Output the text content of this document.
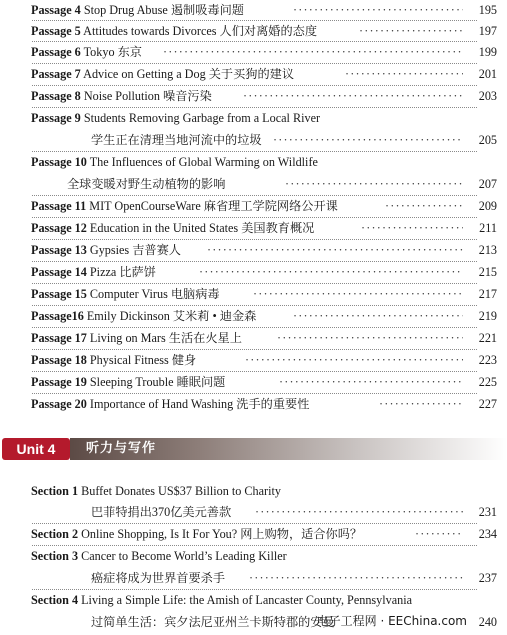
Passage 4 Stop Drug Abuse 遏制吸毒问题 ·····	195
Passage 5 Attitudes towards Divorces 人们对离婚的态度 ·····	197
Passage 6 Tokyo 东京 ·····	199
Passage 7 Advice on Getting a Dog 关于买狗的建议 ·····	201
Passage 8 Noise Pollution 噪音污染 ·····	203
Passage 9 Students Removing Garbage from a Local River
学生正在清理当地河流中的垃圾 ·····	205
Passage 10 The Influences of Global Warming on Wildlife
全球变暖对野生动植物的影响 ·····	207
Passage 11 MIT OpenCourseWare 麻省理工学院网络公开课 ·····	209
Passage 12 Education in the United States 美国教育概况 ·····	211
Passage 13 Gypsies 吉普赛人 ·····	213
Passage 14 Pizza 比萨饼 ·····	215
Passage 15 Computer Virus 电脑病毒 ·····	217
Passage16 Emily Dickinson 艾米莉 • 迪金森 ·····	219
Passage 17 Living on Mars 生活在火星上 ·····	221
Passage 18 Physical Fitness 健身 ·····	223
Passage 19 Sleeping Trouble 睡眠问题 ·····	225
Passage 20 Importance of Hand Washing 洗手的重要性 ·····	227
Unit 4	听力与写作
Section 1 Buffet Donates US$37 Billion to Charity
巴菲特捐出370亿美元善款 ·····	231
Section 2 Online Shopping, Is It For You? 网上购物，适合你吗？ ·····	234
Section 3 Cancer to Become World’s Leading Killer
癌症将成为世界首要杀手 ·····	237
Section 4 Living a Simple Life: the Amish of Lancaster County, Pennsylvania
过简单生活：宾夕法尼亚州兰卡斯特郡的安曼	240
电子工程网 · EEChina.com
